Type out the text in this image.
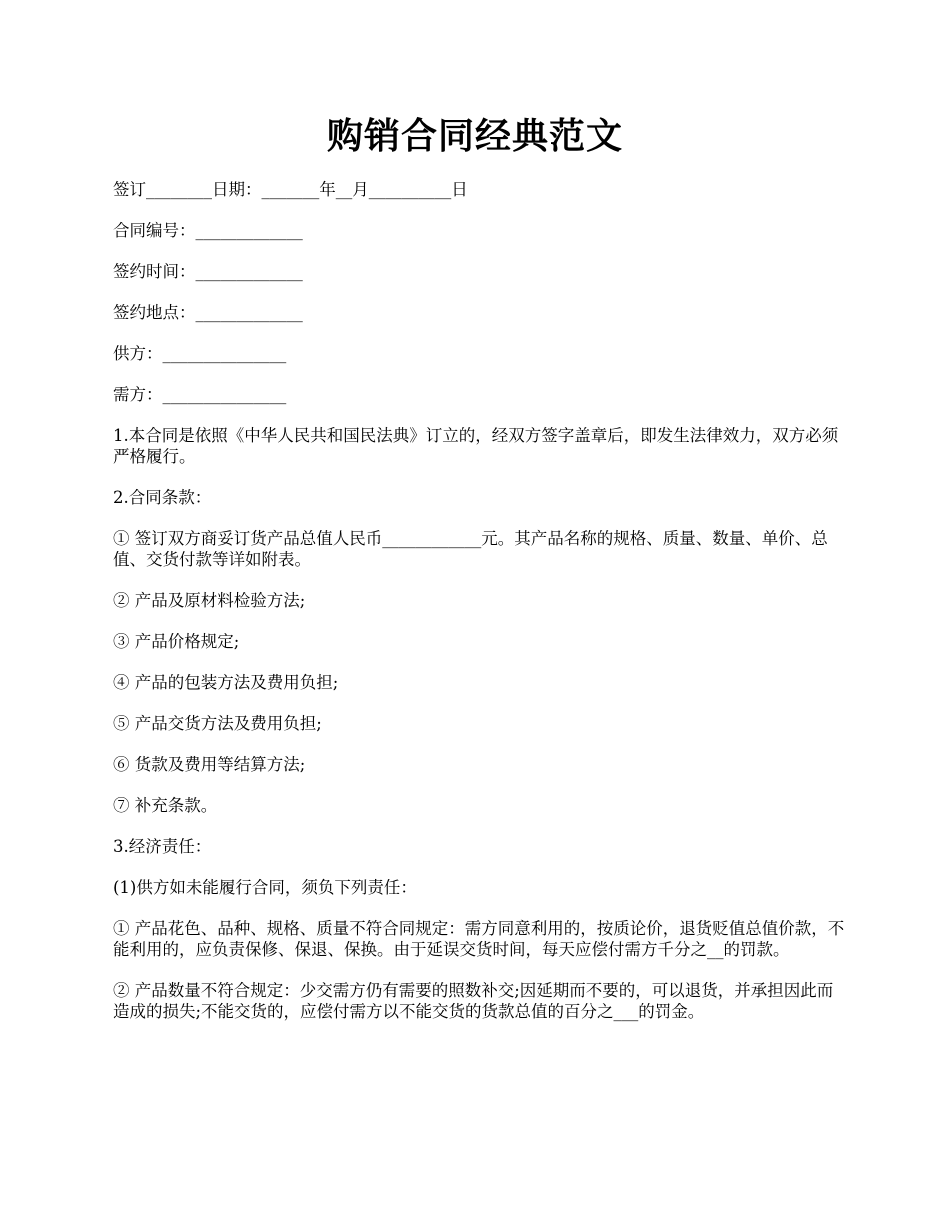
购销合同经典范文
签订________日期：_______年__月__________日
合同编号：_____________
签约时间：_____________
签约地点：_____________
供方：_______________
需方：_______________
1.本合同是依照《中华人民共和国民法典》订立的，经双方签字盖章后，即发生法律效力，双方必须严格履行。
2.合同条款：
① 签订双方商妥订货产品总值人民币____________元。其产品名称的规格、质量、数量、单价、总值、交货付款等详如附表。
② 产品及原材料检验方法;
③ 产品价格规定;
④ 产品的包装方法及费用负担;
⑤ 产品交货方法及费用负担;
⑥ 货款及费用等结算方法;
⑦ 补充条款。
3.经济责任：
(1)供方如未能履行合同，须负下列责任：
① 产品花色、品种、规格、质量不符合同规定：需方同意利用的，按质论价，退货贬值总值价款，不能利用的，应负责保修、保退、保换。由于延误交货时间，每天应偿付需方千分之__的罚款。
② 产品数量不符合规定：少交需方仍有需要的照数补交;因延期而不要的，可以退货，并承担因此而造成的损失;不能交货的，应偿付需方以不能交货的货款总值的百分之___的罚金。
